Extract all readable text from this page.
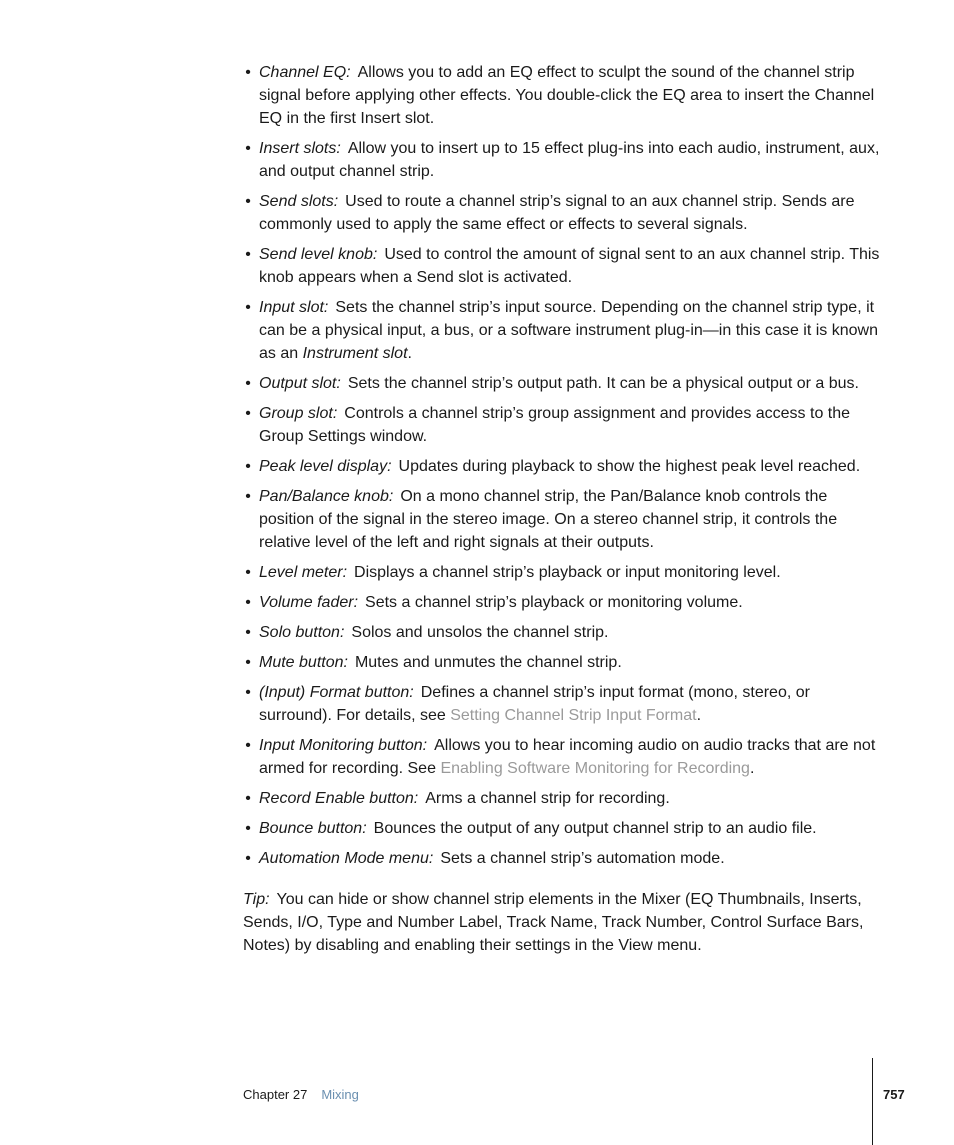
• Channel EQ: Allows you to add an EQ effect to sculpt the sound of the channel strip signal before applying other effects. You double-click the EQ area to insert the Channel EQ in the first Insert slot.
• Insert slots: Allow you to insert up to 15 effect plug-ins into each audio, instrument, aux, and output channel strip.
• Send slots: Used to route a channel strip’s signal to an aux channel strip. Sends are commonly used to apply the same effect or effects to several signals.
• Send level knob: Used to control the amount of signal sent to an aux channel strip. This knob appears when a Send slot is activated.
• Input slot: Sets the channel strip’s input source. Depending on the channel strip type, it can be a physical input, a bus, or a software instrument plug-in—in this case it is known as an Instrument slot.
• Output slot: Sets the channel strip’s output path. It can be a physical output or a bus.
• Group slot: Controls a channel strip’s group assignment and provides access to the Group Settings window.
• Peak level display: Updates during playback to show the highest peak level reached.
• Pan/Balance knob: On a mono channel strip, the Pan/Balance knob controls the position of the signal in the stereo image. On a stereo channel strip, it controls the relative level of the left and right signals at their outputs.
• Level meter: Displays a channel strip’s playback or input monitoring level.
• Volume fader: Sets a channel strip’s playback or monitoring volume.
• Solo button: Solos and unsolos the channel strip.
• Mute button: Mutes and unmutes the channel strip.
• (Input) Format button: Defines a channel strip’s input format (mono, stereo, or surround). For details, see Setting Channel Strip Input Format.
• Input Monitoring button: Allows you to hear incoming audio on audio tracks that are not armed for recording. See Enabling Software Monitoring for Recording.
• Record Enable button: Arms a channel strip for recording.
• Bounce button: Bounces the output of any output channel strip to an audio file.
• Automation Mode menu: Sets a channel strip’s automation mode.

Tip: You can hide or show channel strip elements in the Mixer (EQ Thumbnails, Inserts, Sends, I/O, Type and Number Label, Track Name, Track Number, Control Surface Bars, Notes) by disabling and enabling their settings in the View menu.

Chapter 27 Mixing	757
